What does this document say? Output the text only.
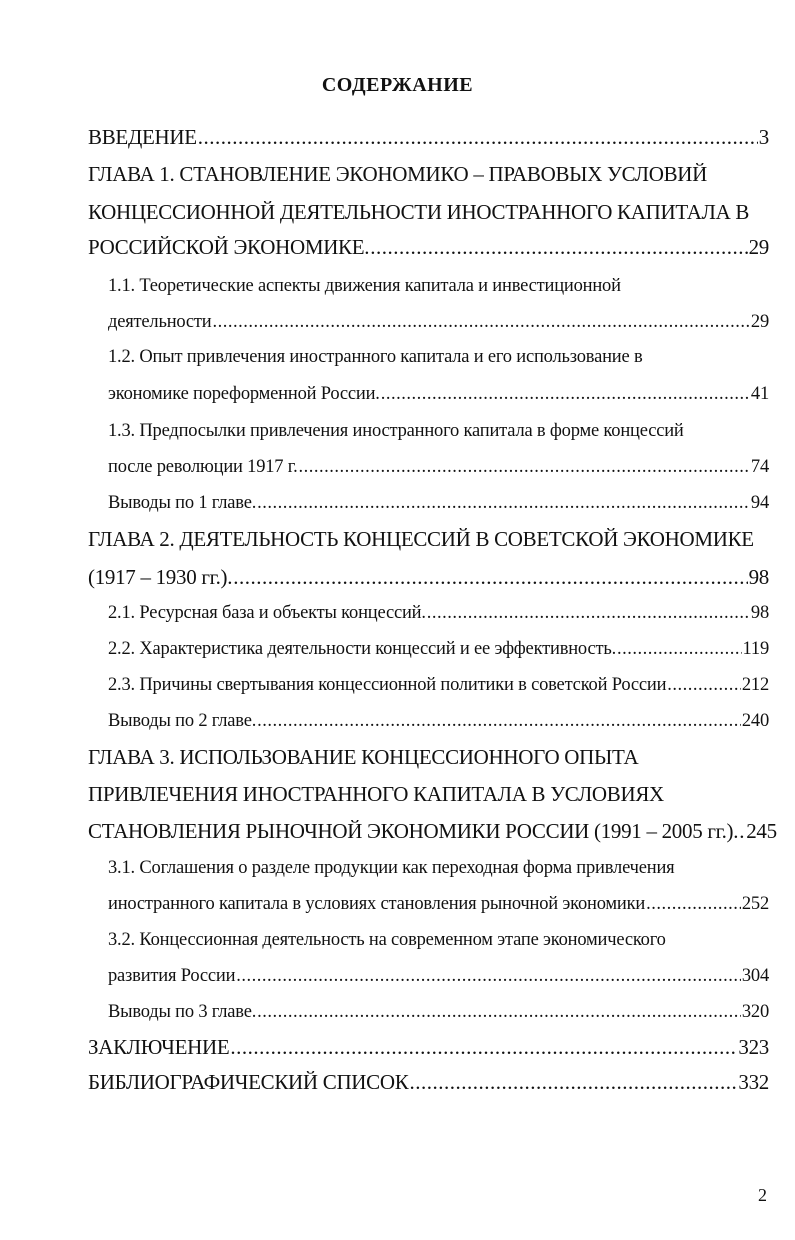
СОДЕРЖАНИЕ
ВВЕДЕНИЕ .....	3
ГЛАВА 1. СТАНОВЛЕНИЕ ЭКОНОМИКО – ПРАВОВЫХ УСЛОВИЙ
КОНЦЕССИОННОЙ ДЕЯТЕЛЬНОСТИ ИНОСТРАННОГО КАПИТАЛА В
РОССИЙСКОЙ ЭКОНОМИКЕ. .....	29
1.1. Теоретические аспекты движения капитала и инвестиционной
деятельности .....	29
1.2. Опыт привлечения иностранного капитала и его использование в
экономике пореформенной России. .....	41
1.3. Предпосылки привлечения иностранного капитала в форме концессий
после революции 1917 г. .....	74
Выводы по 1 главе. .....	94
ГЛАВА 2. ДЕЯТЕЛЬНОСТЬ КОНЦЕССИЙ В СОВЕТСКОЙ ЭКОНОМИКЕ
(1917 – 1930 гг.). .....	98
2.1. Ресурсная база и объекты концессий. .....	98
2.2. Характеристика деятельности концессий и ее эффективность. .....	119
2.3. Причины свертывания концессионной политики в советской России .....	212
Выводы по 2 главе. .....	240
ГЛАВА 3. ИСПОЛЬЗОВАНИЕ КОНЦЕССИОННОГО ОПЫТА
ПРИВЛЕЧЕНИЯ ИНОСТРАННОГО КАПИТАЛА В УСЛОВИЯХ
СТАНОВЛЕНИЯ РЫНОЧНОЙ ЭКОНОМИКИ РОССИИ (1991 – 2005 гг.). ..... 245
3.1. Соглашения о разделе продукции как переходная форма привлечения
иностранного капитала в условиях становления рыночной экономики .....	252
3.2. Концессионная деятельность на современном этапе экономического
развития России .....	304
Выводы по 3 главе. .....	320
ЗАКЛЮЧЕНИЕ .....	323
БИБЛИОГРАФИЧЕСКИЙ СПИСОК .....	332
2
